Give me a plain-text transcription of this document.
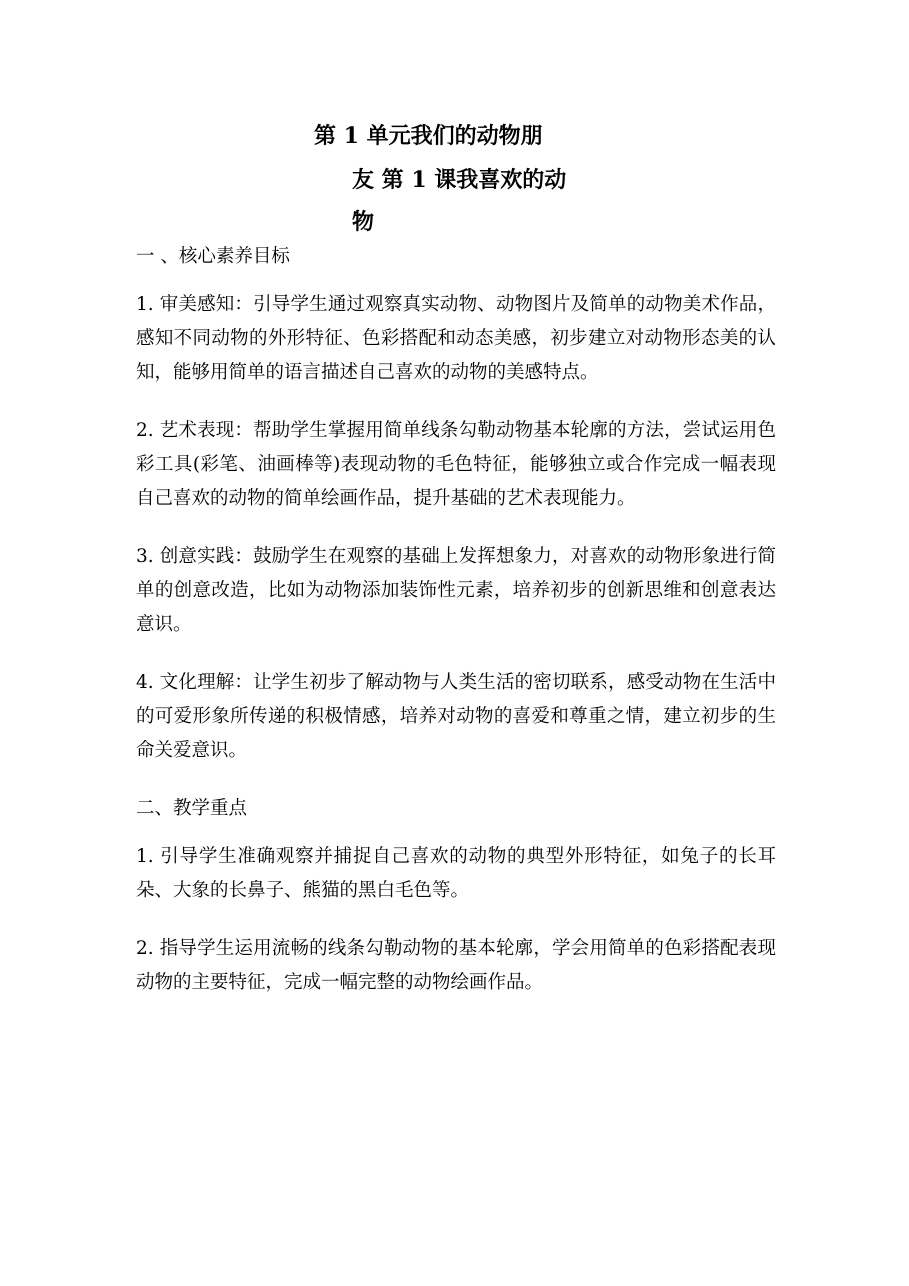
第 1 单元我们的动物朋
友 第 1 课我喜欢的动
物

一 、核心素养目标

1. 审美感知：引导学生通过观察真实动物、动物图片及简单的动物美术作品，感知不同动物的外形特征、色彩搭配和动态美感，初步建立对动物形态美的认知，能够用简单的语言描述自己喜欢的动物的美感特点。

2. 艺术表现：帮助学生掌握用简单线条勾勒动物基本轮廓的方法，尝试运用色彩工具(彩笔、油画棒等)表现动物的毛色特征，能够独立或合作完成一幅表现自己喜欢的动物的简单绘画作品，提升基础的艺术表现能力。

3. 创意实践：鼓励学生在观察的基础上发挥想象力，对喜欢的动物形象进行简单的创意改造，比如为动物添加装饰性元素，培养初步的创新思维和创意表达意识。

4. 文化理解：让学生初步了解动物与人类生活的密切联系，感受动物在生活中的可爱形象所传递的积极情感，培养对动物的喜爱和尊重之情，建立初步的生命关爱意识。

二、教学重点

1. 引导学生准确观察并捕捉自己喜欢的动物的典型外形特征，如兔子的长耳朵、大象的长鼻子、熊猫的黑白毛色等。

2. 指导学生运用流畅的线条勾勒动物的基本轮廓，学会用简单的色彩搭配表现动物的主要特征，完成一幅完整的动物绘画作品。
